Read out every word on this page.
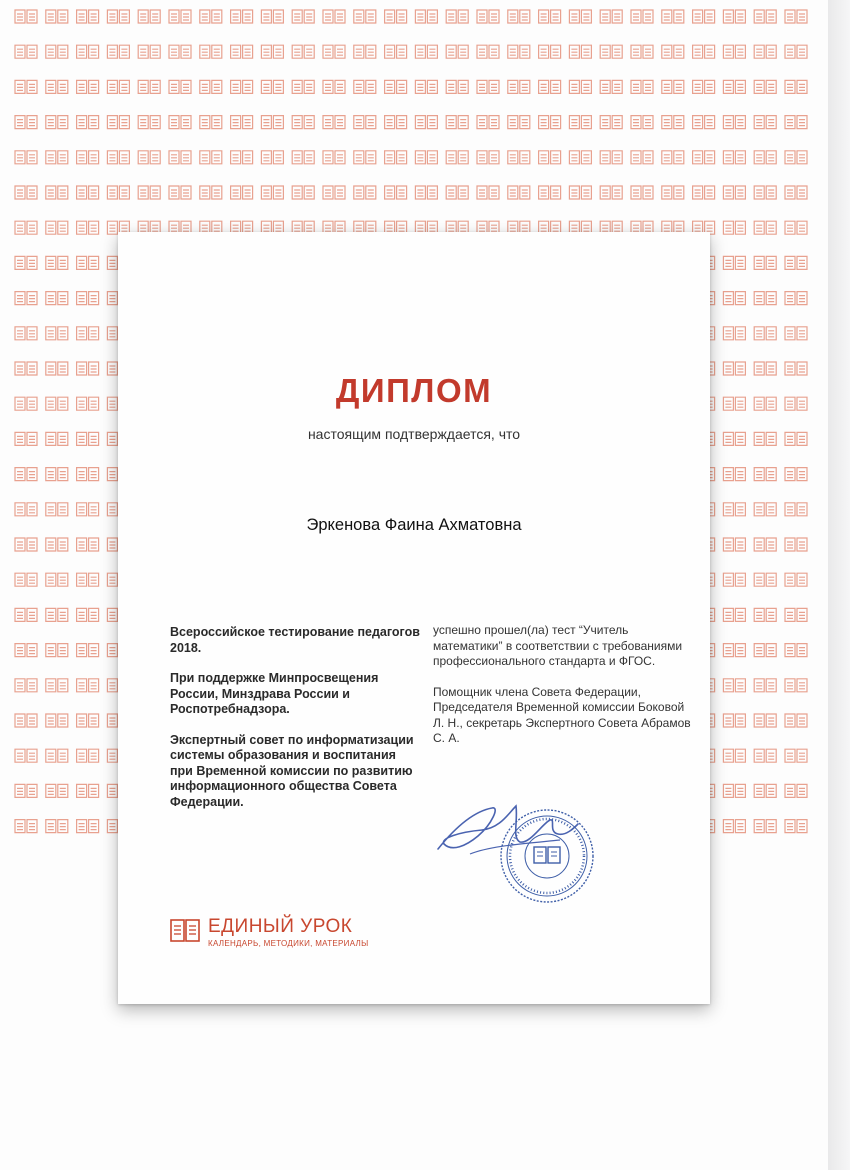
ДИПЛОМ
настоящим подтверждается, что
Эркенова Фаина Ахматовна

Всероссийское тестирование педагогов 2018.

При поддержке Минпросвещения России, Минздрава России и Роспотребнадзора.

Экспертный совет по информатизации системы образования и воспитания при Временной комиссии по развитию информационного общества Совета Федерации.

успешно прошел(ла) тест “Учитель математики” в соответствии с требованиями профессионального стандарта и ФГОС.

Помощник члена Совета Федерации, Председателя Временной комиссии Боковой Л. Н., секретарь Экспертного Совета Абрамов С. А.

ЕДИНЫЙ УРОК
КАЛЕНДАРЬ, МЕТОДИКИ, МАТЕРИАЛЫ
